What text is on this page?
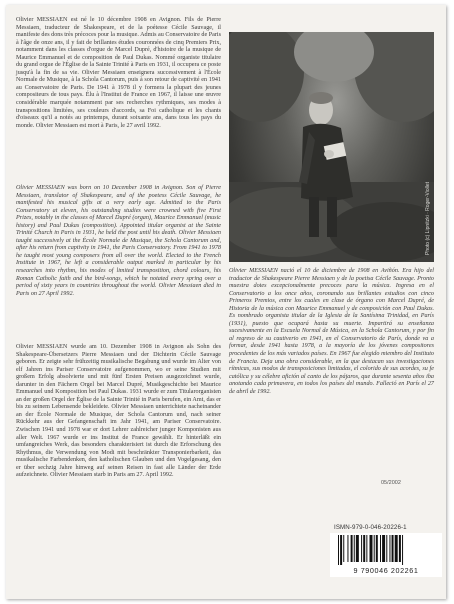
Olivier MESSIAEN est né le 10 décembre 1908 en Avignon. Fils de Pierre Messiaen, traducteur de Shakespeare, et de la poétesse Cécile Sauvage, il manifeste des dons très précoces pour la musique. Admis au Conservatoire de Paris à l'âge de onze ans, il y fait de brillantes études couronnées de cinq Premiers Prix, notamment dans les classes d'orgue de Marcel Dupré, d'histoire de la musique de Maurice Emmanuel et de composition de Paul Dukas. Nommé organiste titulaire du grand orgue de l'Église de la Sainte Trinité à Paris en 1931, il occupera ce poste jusqu'à la fin de sa vie. Olivier Messiaen enseignera successivement à l'École Normale de Musique, à la Schola Cantorum, puis à son retour de captivité en 1941 au Conservatoire de Paris. De 1941 à 1978 il y formera la plupart des jeunes compositeurs de tous pays. Élu à l'Institut de France en 1967, il laisse une œuvre considérable marquée notamment par ses recherches rythmiques, ses modes à transpositions limitées, ses couleurs d'accords, sa Foi catholique et les chants d'oiseaux qu'il a notés au printemps, durant soixante ans, dans tous les pays du monde. Olivier Messiaen est mort à Paris, le 27 avril 1992.

Olivier MESSIAEN was born on 10 December 1908 in Avignon. Son of Pierre Messiaen, translator of Shakespeare, and of the poetess Cécile Sauvage, he manifested his musical gifts at a very early age. Admitted to the Paris Conservatory at eleven, his outstanding studies were crowned with five First Prizes, notably in the classes of Marcel Dupré (organ), Maurice Emmanuel (music history) and Paul Dukas (composition). Appointed titular organist at the Sainte Trinité Church in Paris in 1931, he held the post until his death. Olivier Messiaen taught successively at the École Normale de Musique, the Schola Cantorum and, after his return from captivity in 1941, the Paris Conservatory. From 1941 to 1978 he taught most young composers from all over the world. Elected to the French Institute in 1967, he left a considerable output marked in particular by his researches into rhythm, his modes of limited transposition, chord colours, his Roman Catholic faith and the bird-songs, which he notated every spring over a period of sixty years in countries throughout the world. Olivier Messiaen died in Paris on 27 April 1992.

Olivier MESSIAEN wurde am 10. Dezember 1908 in Avignon als Sohn des Shakespeare-Übersetzers Pierre Messiaen und der Dichterin Cécile Sauvage geboren. Er zeigte sehr frühzeitig musikalische Begabung und wurde im Alter von elf Jahren ins Pariser Conservatoire aufgenommen, wo er seine Studien mit großem Erfolg absolvierte und mit fünf Ersten Preisen ausgezeichnet wurde, darunter in den Fächern Orgel bei Marcel Dupré, Musikgeschichte bei Maurice Emmanuel und Komposition bei Paul Dukas. 1931 wurde er zum Titularorganisten an der großen Orgel der Église de la Sainte Trinité in Paris berufen, ein Amt, das er bis zu seinem Lebensende bekleidete. Olivier Messiaen unterrichtete nacheinander an der École Normale de Musique, der Schola Cantorum und, nach seiner Rückkehr aus der Gefangenschaft im Jahr 1941, am Pariser Conservatoire. Zwischen 1941 und 1978 war er dort Lehrer zahlreicher junger Komponisten aus aller Welt. 1967 wurde er ins Institut de France gewählt. Er hinterläßt ein umfangreiches Werk, das besonders charakterisiert ist durch die Erforschung des Rhythmus, die Verwendung von Modi mit beschränkter Transponierbarkeit, das musikalische Farbendenken, den katholischen Glauben und den Vogelgesang, den er über sechzig Jahre hinweg auf seinen Reisen in fast alle Länder der Erde aufzeichnete. Olivier Messiaen starb in Paris am 27. April 1992.

Photo (c) Lipnitzki · Roger-Viollet

Olivier MESSIAEN nació el 10 de diciembre de 1908 en Aviñón. Era hijo del traductor de Shakespeare Pierre Messiaen y de la poetisa Cécile Sauvage. Pronto muestra dotes excepcionalmente precoces para la música. Ingresa en el Conservatorio a los once años, coronando sus brillantes estudios con cinco Primeros Premios, entre los cuales en clase de órgano con Marcel Dupré, de Historia de la música con Maurice Emmanuel y de composición con Paul Dukas. Es nombrado organista titular de la Iglesia de la Santísima Trinidad, en París (1931), puesto que ocupará hasta su muerte. Impartirá su enseñanza sucesivamente en la Escuela Normal de Música, en la Schola Cantorum, y por fin al regreso de su cautiverio en 1941, en el Conservatorio de París, donde va a formar, desde 1941 hasta 1978, a la mayoría de los jóvenes compositores procedentes de los más variados países. En 1967 fue elegido miembro del Instituto de Francia. Deja una obra considerable, en la que destacan sus investigaciones rítmicas, sus modos de transposiciones limitadas, el colorido de sus acordes, su fe católica y su célebre afición al canto de los pájaros, que durante sesenta años iba anotando cada primavera, en todos los países del mundo. Falleció en París el 27 de abril de 1992.

05/2002
ISMN-979-0-046-20226-1
9 790046 202261
